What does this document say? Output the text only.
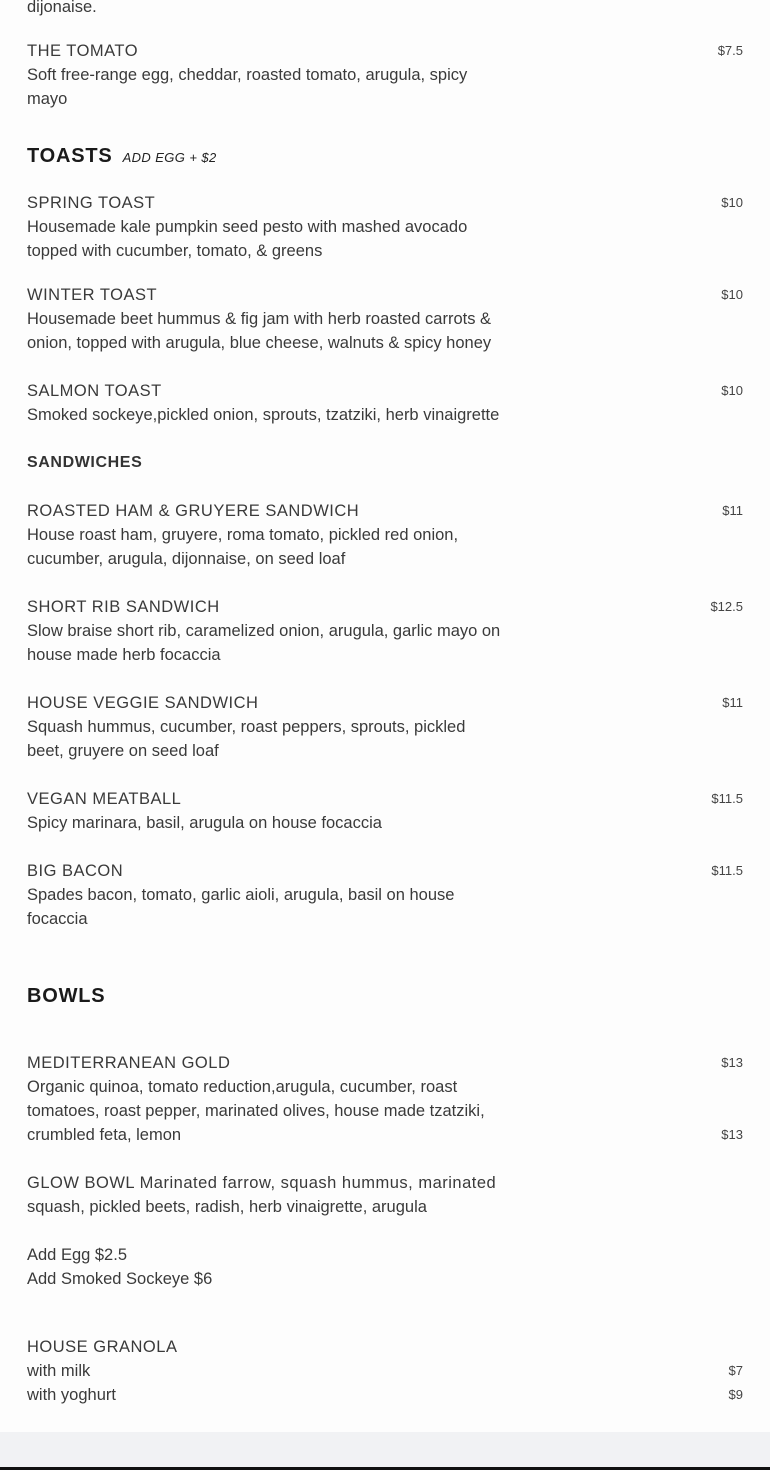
dijonaise.
THE TOMATO	$7.5
Soft free-range egg, cheddar, roasted tomato, arugula, spicy
mayo
TOASTS ADD EGG + $2
SPRING TOAST	$10
Housemade kale pumpkin seed pesto with mashed avocado
topped with cucumber, tomato, & greens
WINTER TOAST	$10
Housemade beet hummus & fig jam with herb roasted carrots &
onion, topped with arugula, blue cheese, walnuts & spicy honey
SALMON TOAST	$10
Smoked sockeye,pickled onion, sprouts, tzatziki, herb vinaigrette
SANDWICHES
ROASTED HAM & GRUYERE SANDWICH	$11
House roast ham, gruyere, roma tomato, pickled red onion,
cucumber, arugula, dijonnaise, on seed loaf
SHORT RIB SANDWICH	$12.5
Slow braise short rib, caramelized onion, arugula, garlic mayo on
house made herb focaccia
HOUSE VEGGIE SANDWICH	$11
Squash hummus, cucumber, roast peppers, sprouts, pickled
beet, gruyere on seed loaf
VEGAN MEATBALL	$11.5
Spicy marinara, basil, arugula on house focaccia
BIG BACON	$11.5
Spades bacon, tomato, garlic aioli, arugula, basil on house
focaccia
BOWLS
MEDITERRANEAN GOLD	$13
Organic quinoa, tomato reduction,arugula, cucumber, roast
tomatoes, roast pepper, marinated olives, house made tzatziki,
crumbled feta, lemon	$13
GLOW BOWL Marinated farrow, squash hummus, marinated
squash, pickled beets, radish, herb vinaigrette, arugula
Add Egg $2.5
Add Smoked Sockeye $6
HOUSE GRANOLA
with milk	$7
with yoghurt	$9
